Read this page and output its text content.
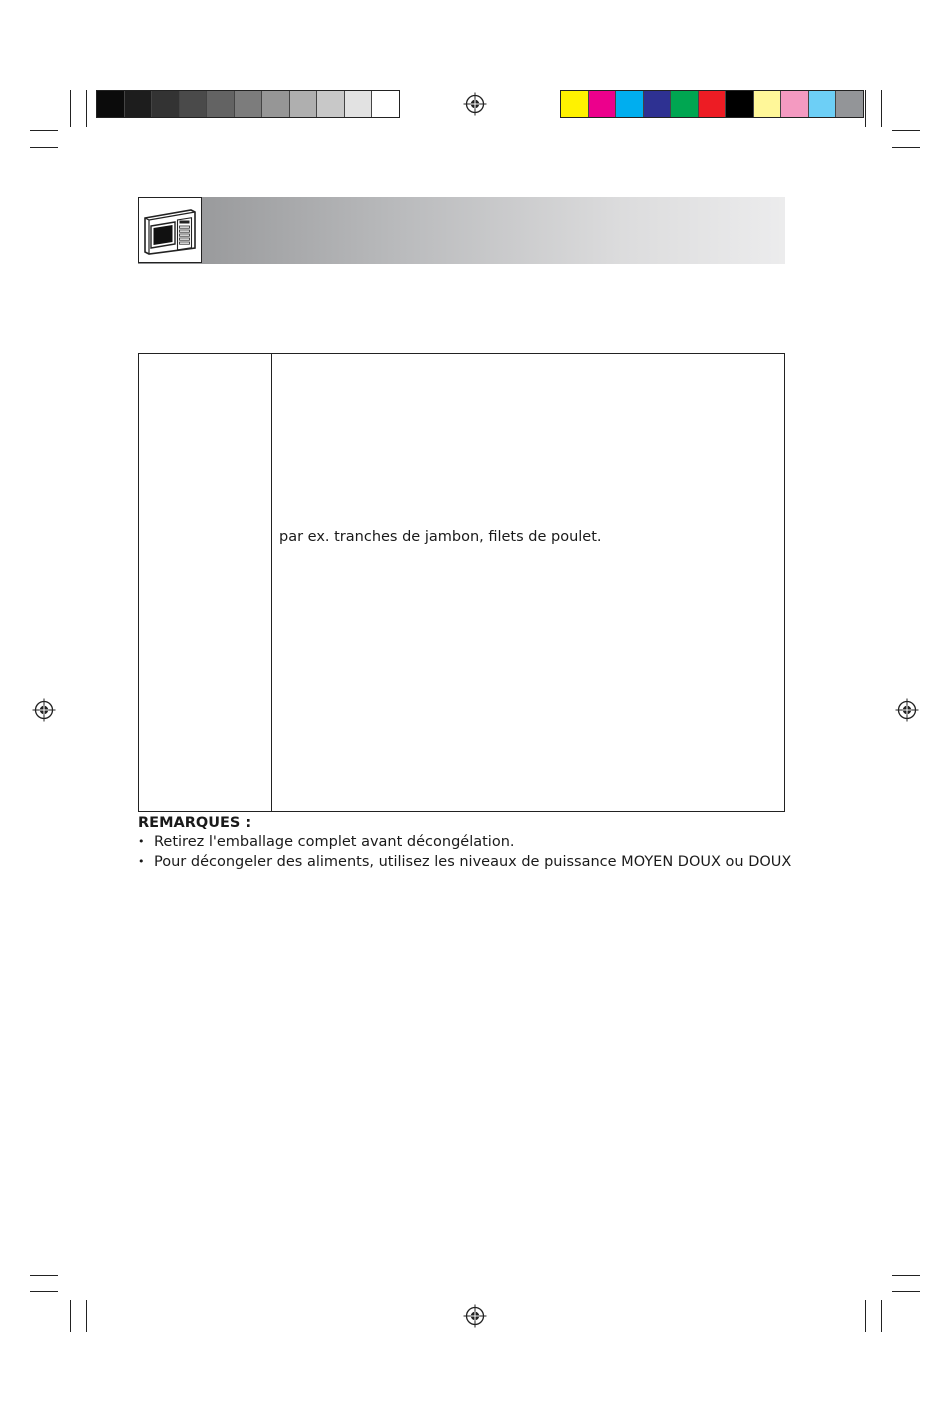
par ex. tranches de jambon, filets de poulet.
REMARQUES :
• Retirez l'emballage complet avant décongélation.
• Pour décongeler des aliments, utilisez les niveaux de puissance MOYEN DOUX ou DOUX
